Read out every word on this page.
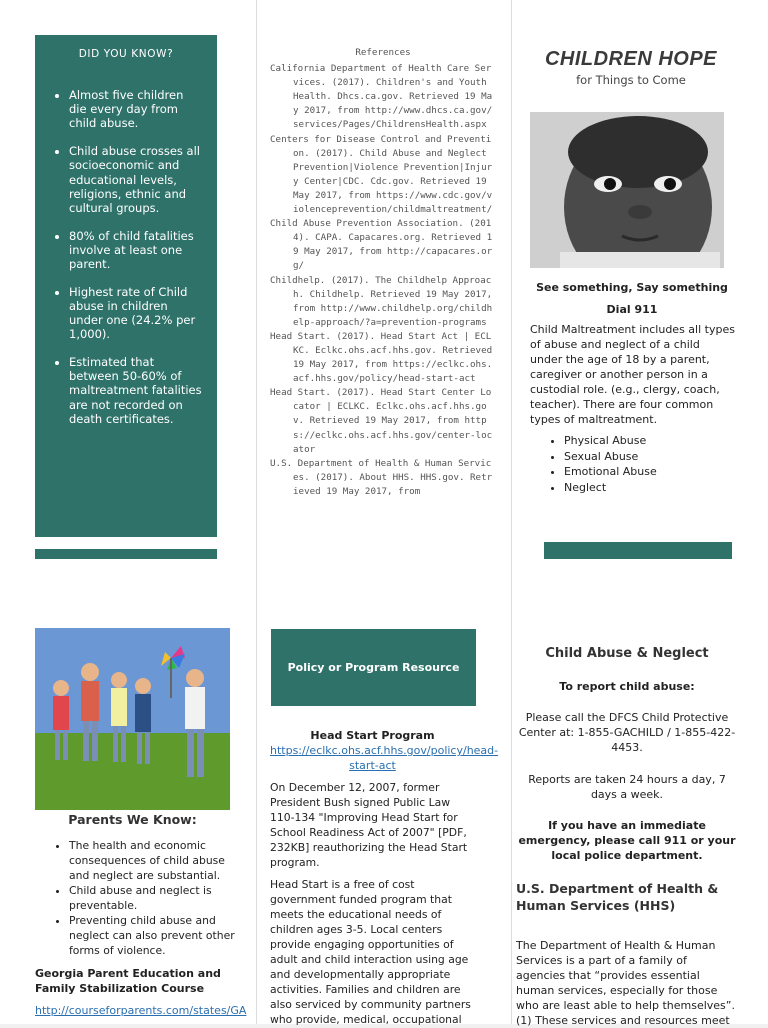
DID YOU KNOW?
• Almost five children die every day from child abuse.
• Child abuse crosses all socioeconomic and educational levels, religions, ethnic and cultural groups.
• 80% of child fatalities involve at least one parent.
• Highest rate of Child abuse in children under one (24.2% per 1,000).
• Estimated that between 50-60% of maltreatment fatalities are not recorded on death certificates.
References
California Department of Health Care Services. (2017). Children's and Youth Health. Dhcs.ca.gov. Retrieved 19 May 2017, from http://www.dhcs.ca.gov/services/Pages/ChildrensHealth.aspx
Centers for Disease Control and Prevention. (2017). Child Abuse and Neglect Prevention|Violence Prevention|Injury Center|CDC. Cdc.gov. Retrieved 19 May 2017, from https://www.cdc.gov/violenceprevention/childmaltreatment/
Child Abuse Prevention Association. (2014). CAPA. Capacares.org. Retrieved 19 May 2017, from http://capacares.org/
Childhelp. (2017). The Childhelp Approach. Childhelp. Retrieved 19 May 2017, from http://www.childhelp.org/childhelp-approach/?a=prevention-programs
Head Start. (2017). Head Start Act | ECLKC. Eclkc.ohs.acf.hhs.gov. Retrieved 19 May 2017, from https://eclkc.ohs.acf.hhs.gov/policy/head-start-act
Head Start. (2017). Head Start Center Locator | ECLKC. Eclkc.ohs.acf.hhs.gov. Retrieved 19 May 2017, from https://eclkc.ohs.acf.hhs.gov/center-locator
U.S. Department of Health & Human Services. (2017). About HHS. HHS.gov. Retrieved 19 May 2017, from
CHILDREN HOPE
for Things to Come
See something, Say something
Dial 911
Child Maltreatment includes all types of abuse and neglect of a child under the age of 18 by a parent, caregiver or another person in a custodial role. (e.g., clergy, coach, teacher). There are four common types of maltreatment.
• Physical Abuse
• Sexual Abuse
• Emotional Abuse
• Neglect
Parents We Know:
• The health and economic consequences of child abuse and neglect are substantial.
• Child abuse and neglect is preventable.
• Preventing child abuse and neglect can also prevent other forms of violence.
Georgia Parent Education and Family Stabilization Course
http://courseforparents.com/states/GA
Policy or Program Resource
Head Start Program
https://eclkc.ohs.acf.hhs.gov/policy/head-start-act
On December 12, 2007, former President Bush signed Public Law 110-134 "Improving Head Start for School Readiness Act of 2007" [PDF, 232KB] reauthorizing the Head Start program.
Head Start is a free of cost government funded program that meets the educational needs of children ages 3-5. Local centers provide engaging opportunities of adult and child interaction using age and developmentally appropriate activities. Families and children are also serviced by community partners who provide, medical, occupational
Child Abuse & Neglect
To report child abuse:
Please call the DFCS Child Protective Center at: 1-855-GACHILD / 1-855-422-4453.
Reports are taken 24 hours a day, 7 days a week.
If you have an immediate emergency, please call 911 or your local police department.
U.S. Department of Health & Human Services (HHS)
The Department of Health & Human Services is a part of a family of agencies that “provides essential human services, especially for those who are least able to help themselves”. (1) These services and resources meet
